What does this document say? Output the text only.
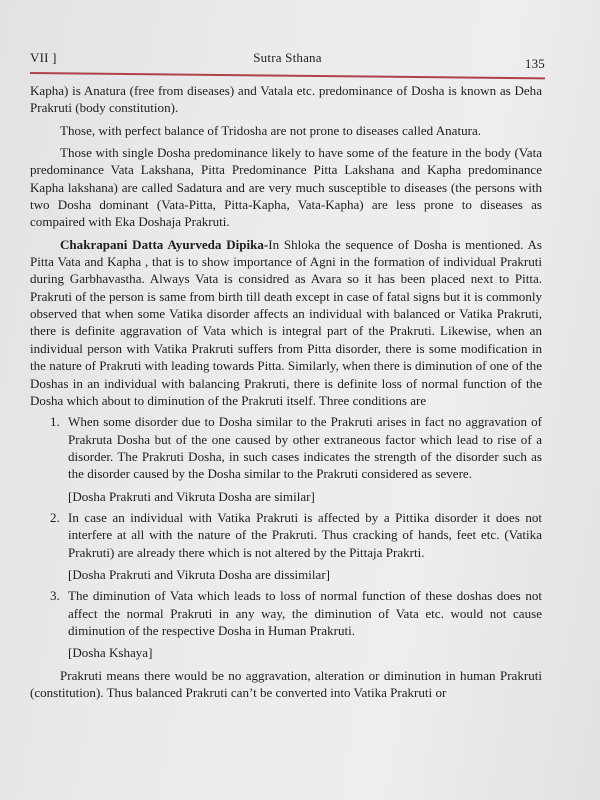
VII ]	Sutra Sthana	135

Kapha) is Anatura (free from diseases) and Vatala etc. predominance of Dosha is known as Deha Prakruti (body constitution).

Those, with perfect balance of Tridosha are not prone to diseases called Anatura.

Those with single Dosha predominance likely to have some of the feature in the body (Vata predominance Vata Lakshana, Pitta Predominance Pitta Lakshana and Kapha predominance Kapha lakshana) are called Sadatura and are very much susceptible to diseases (the persons with two Dosha dominant (Vata-Pitta, Pitta-Kapha, Vata-Kapha) are less prone to diseases as compaired with Eka Doshaja Prakruti.

Chakrapani Datta Ayurveda Dipika-In Shloka the sequence of Dosha is mentioned. As Pitta Vata and Kapha , that is to show importance of Agni in the formation of individual Prakruti during Garbhavastha. Always Vata is considred as Avara so it has been placed next to Pitta. Prakruti of the person is same from birth till death except in case of fatal signs but it is commonly observed that when some Vatika disorder affects an individual with balanced or Vatika Prakruti, there is definite aggravation of Vata which is integral part of the Prakruti. Likewise, when an individual person with Vatika Prakruti suffers from Pitta disorder, there is some modification in the nature of Prakruti with leading towards Pitta. Similarly, when there is diminution of one of the Doshas in an individual with balancing Prakruti, there is definite loss of normal function of the Dosha which about to diminution of the Prakruti itself. Three conditions are

1. When some disorder due to Dosha similar to the Prakruti arises in fact no aggravation of Prakruta Dosha but of the one caused by other extraneous factor which lead to rise of a disorder. The Prakruti Dosha, in such cases indicates the strength of the disorder such as the disorder caused by the Dosha similar to the Prakruti considered as severe.

[Dosha Prakruti and Vikruta Dosha are similar]

2. In case an individual with Vatika Prakruti is affected by a Pittika disorder it does not interfere at all with the nature of the Prakruti. Thus cracking of hands, feet etc. (Vatika Prakruti) are already there which is not altered by the Pittaja Prakrti.

[Dosha Prakruti and Vikruta Dosha are dissimilar]

3. The diminution of Vata which leads to loss of normal function of these doshas does not affect the normal Prakruti in any way, the diminution of Vata etc. would not cause diminution of the respective Dosha in Human Prakruti.

[Dosha Kshaya]

Prakruti means there would be no aggravation, alteration or diminution in human Prakruti (constitution). Thus balanced Prakruti can’t be converted into Vatika Prakruti or
